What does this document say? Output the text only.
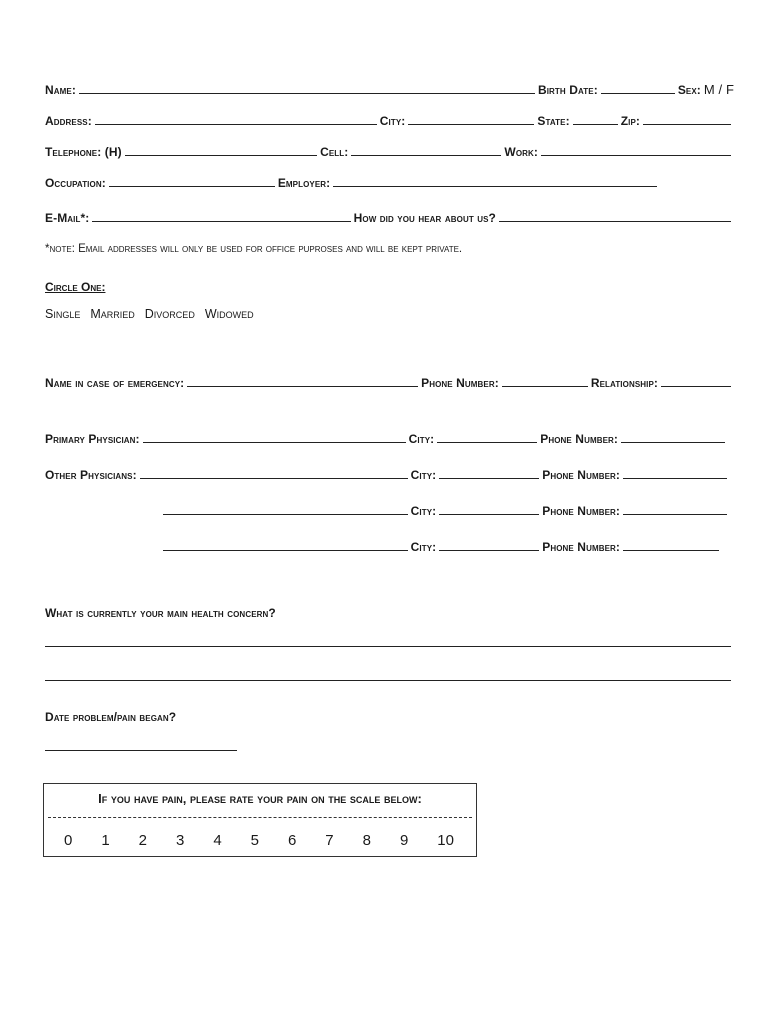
Name:	Birth Date:	Sex: M / F
Address:	City:	State:	Zip:
Telephone: (H)	Cell:	Work:
Occupation:	Employer:
E-Mail*:	How did you hear about us?
*note: Email addresses will only be used for office puproses and will be kept private.
Circle One:
Single Married Divorced Widowed
Name in case of emergency:	Phone Number:	Relationship:
Primary Physician:	City:	Phone Number:
Other Physicians:	City:	Phone Number:
City:	Phone Number:
City:	Phone Number:
What is currently your main health concern?
Date problem/pain began?
If you have pain, please rate your pain on the scale below:
0 1 2 3 4 5 6 7 8 9 10
